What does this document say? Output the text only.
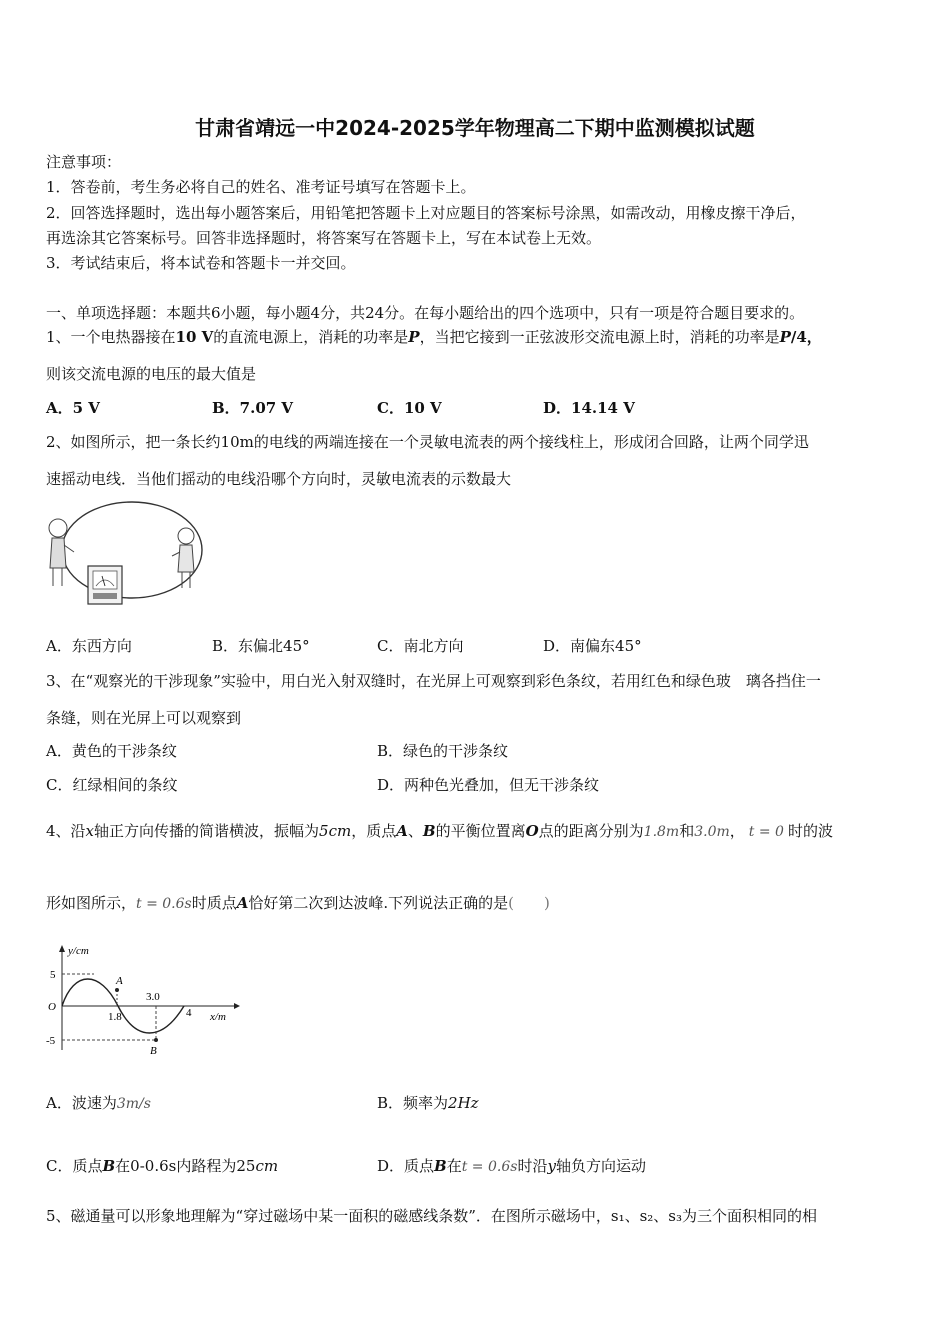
甘肃省靖远一中2024-2025学年物理高二下期中监测模拟试题
注意事项：
1．答卷前，考生务必将自己的姓名、准考证号填写在答题卡上。
2．回答选择题时，选出每小题答案后，用铅笔把答题卡上对应题目的答案标号涂黑，如需改动，用橡皮擦干净后，
再选涂其它答案标号。回答非选择题时，将答案写在答题卡上，写在本试卷上无效。
3．考试结束后，将本试卷和答题卡一并交回。
一、单项选择题：本题共6小题，每小题4分，共24分。在每小题给出的四个选项中，只有一项是符合题目要求的。
1、一个电热器接在10 V的直流电源上，消耗的功率是P，当把它接到一正弦波形交流电源上时，消耗的功率是P/4，
则该交流电源的电压的最大值是
A．5 V	B．7.07 V	C．10 V	D．14.14 V
2、如图所示，把一条长约10m的电线的两端连接在一个灵敏电流表的两个接线柱上，形成闭合回路，让两个同学迅
速摇动电线．当他们摇动的电线沿哪个方向时，灵敏电流表的示数最大
A．东西方向	B．东偏北45°	C．南北方向	D．南偏东45°
3、在“观察光的干涉现象”实验中，用白光入射双缝时，在光屏上可观察到彩色条纹，若用红色和绿色玻　璃各挡住一
条缝，则在光屏上可以观察到
A．黄色的干涉条纹	B．绿色的干涉条纹
C．红绿相间的条纹	D．两种色光叠加，但无干涉条纹
4、沿x轴正方向传播的简谐横波，振幅为5cm，质点A、B的平衡位置离O点的距离分别为1.8m和3.0m， t = 0 时的波
形如图所示，t = 0.6s时质点A恰好第二次到达波峰.下列说法正确的是(　　)
y/cm
5
-5
O
A
B
1.8
3.0
4 x/m
A．波速为3m/s	B．频率为2Hz
C．质点B在0-0.6s内路程为25cm	D．质点B在t = 0.6s时沿y轴负方向运动
5、磁通量可以形象地理解为“穿过磁场中某一面积的磁感线条数”．在图所示磁场中，s₁、s₂、s₃为三个面积相同的相
